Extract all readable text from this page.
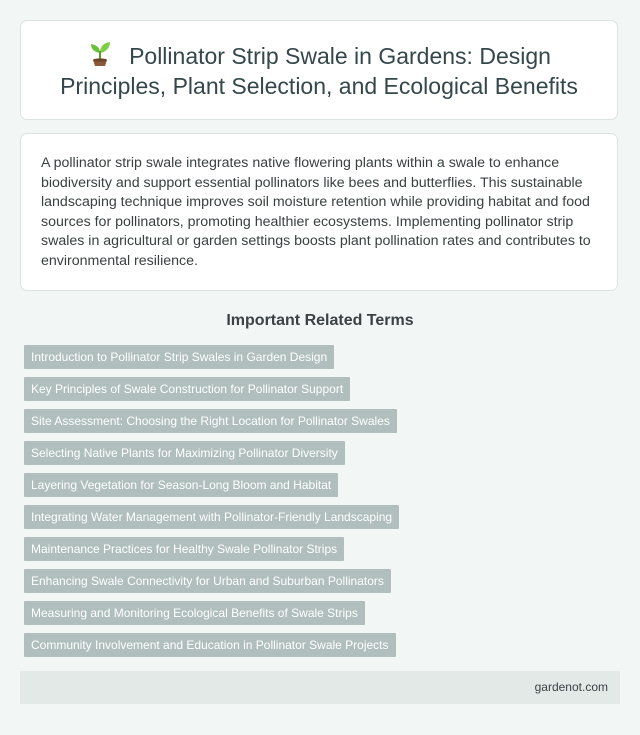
Pollinator Strip Swale in Gardens: Design Principles, Plant Selection, and Ecological Benefits

A pollinator strip swale integrates native flowering plants within a swale to enhance biodiversity and support essential pollinators like bees and butterflies. This sustainable landscaping technique improves soil moisture retention while providing habitat and food sources for pollinators, promoting healthier ecosystems. Implementing pollinator strip swales in agricultural or garden settings boosts plant pollination rates and contributes to environmental resilience.

Important Related Terms
Introduction to Pollinator Strip Swales in Garden Design
Key Principles of Swale Construction for Pollinator Support
Site Assessment: Choosing the Right Location for Pollinator Swales
Selecting Native Plants for Maximizing Pollinator Diversity
Layering Vegetation for Season-Long Bloom and Habitat
Integrating Water Management with Pollinator-Friendly Landscaping
Maintenance Practices for Healthy Swale Pollinator Strips
Enhancing Swale Connectivity for Urban and Suburban Pollinators
Measuring and Monitoring Ecological Benefits of Swale Strips
Community Involvement and Education in Pollinator Swale Projects
gardenot.com
